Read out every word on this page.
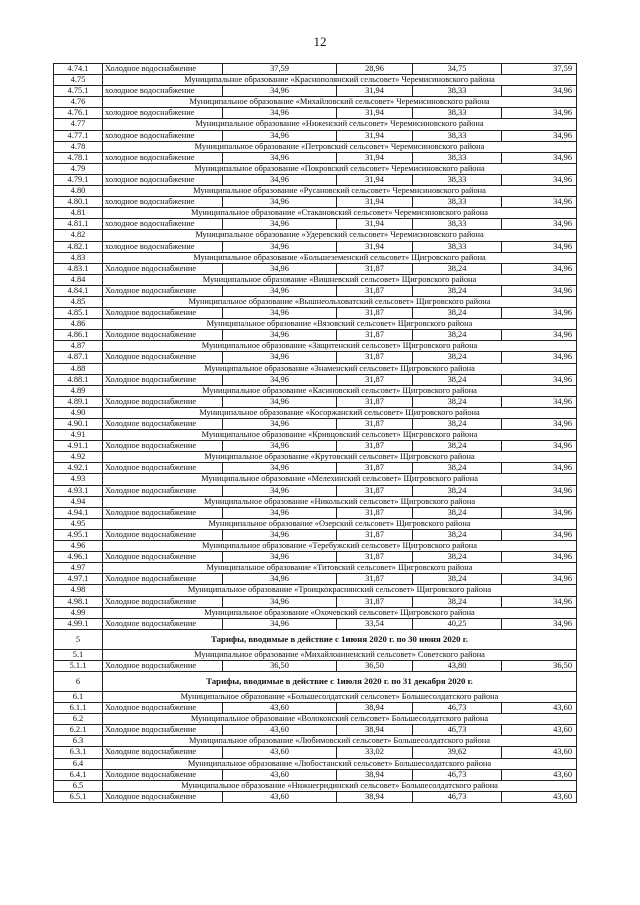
12
4.74.1	Холодное водоснабжение	37,59	28,96	34,75	37,59
4.75	Муниципальное образование «Краснополянский сельсовет» Черемисиновского района				
4.75.1	холодное водоснабжение	34,96	31,94	38,33	34,96
4.76	Муниципальное образование «Михайловский сельсовет» Черемисиновского района				
4.76.1	холодное водоснабжение	34,96	31,94	38,33	34,96
4.77	Муниципальное образование «Ниженский сельсовет» Черемисиновского района				
4.77.1	холодное водоснабжение	34,96	31,94	38,33	34,96
4.78	Муниципальное образование «Петровский сельсовет» Черемисиновского района				
4.78.1	холодное водоснабжение	34,96	31,94	38,33	34,96
4.79	Муниципальное образование «Покровский сельсовет» Черемисиновского района				
4.79.1	холодное водоснабжение	34,96	31,94	38,33	34,96
4.80	Муниципальное образование «Русановский сельсовет» Черемисиновского района				
4.80.1	холодное водоснабжение	34,96	31,94	38,33	34,96
4.81	Муниципальное образование «Стакановский сельсовет» Черемисиновского района				
4.81.1	холодное водоснабжение	34,96	31,94	38,33	34,96
4.82	Муниципальное образование «Удеревский сельсовет» Черемисиновского района				
4.82.1	холодное водоснабжение	34,96	31,94	38,33	34,96
4.83	Муниципальное образование «Большеземенский сельсовет» Щигровского района				
4.83.1	Холодное водоснабжение	34,96	31,87	38,24	34,96
4.84	Муниципальное образование «Вишневский сельсовет» Щигровского района				
4.84.1	Холодное водоснабжение	34,96	31,87	38,24	34,96
4.85	Муниципальное образование «Вышнеольховатский сельсовет» Щигровского района				
4.85.1	Холодное водоснабжение	34,96	31,87	38,24	34,96
4.86	Муниципальное образование «Вязовский сельсовет» Щигровского района				
4.86.1	Холодное водоснабжение	34,96	31,87	38,24	34,96
4.87	Муниципальное образование «Защитенский сельсовет» Щигровского района				
4.87.1	Холодное водоснабжение	34,96	31,87	38,24	34,96
4.88	Муниципальное образование «Знаменский сельсовет» Щигровского района				
4.88.1	Холодное водоснабжение	34,96	31,87	38,24	34,96
4.89	Муниципальное образование «Касиновский сельсовет» Щигровского района				
4.89.1	Холодное водоснабжение	34,96	31,87	38,24	34,96
4.90	Муниципальное образование «Косоржанский сельсовет» Щигровского района				
4.90.1	Холодное водоснабжение	34,96	31,87	38,24	34,96
4.91	Муниципальное образование «Кривцовский сельсовет» Щигровского района				
4.91.1	Холодное водоснабжение	34,96	31,87	38,24	34,96
4.92	Муниципальное образование «Крутовский сельсовет» Щигровского района				
4.92.1	Холодное водоснабжение	34,96	31,87	38,24	34,96
4.93	Муниципальное образование «Мелехинский сельсовет» Щигровского района				
4.93.1	Холодное водоснабжение	34,96	31,87	38,24	34,96
4.94	Муниципальное образование «Никольский сельсовет» Щигровского района				
4.94.1	Холодное водоснабжение	34,96	31,87	38,24	34,96
4.95	Муниципальное образование «Озерский сельсовет» Щигровского района				
4.95.1	Холодное водоснабжение	34,96	31,87	38,24	34,96
4.96	Муниципальное образование «Теребужский сельсовет» Щигровского района				
4.96.1	Холодное водоснабжение	34,96	31,87	38,24	34,96
4.97	Муниципальное образование «Титовский сельсовет» Щигровского района				
4.97.1	Холодное водоснабжение	34,96	31,87	38,24	34,96
4.98	Муниципальное образование «Троицкокраснянский сельсовет» Щигровского района				
4.98.1	Холодное водоснабжение	34,96	31,87	38,24	34,96
4.99	Муниципальное образование «Охочевский сельсовет» Щигровского района				
4.99.1	Холодное водоснабжение	34,96	33,54	40,25	34,96
5	Тарифы, вводимые в действие с 1июня 2020 г. по 30 июня 2020 г.				
5.1	Муниципальное образование «Михайлоанненский сельсовет» Советского района				
5.1.1	Холодное водоснабжение	36,50	36,50	43,80	36,50
6	Тарифы, вводимые в действие с 1июля 2020 г. по 31 декабря 2020 г.				
6.1	Муниципальное образование «Большесолдатский сельсовет» Большесолдатского района				
6.1.1	Холодное водоснабжение	43,60	38,94	46,73	43,60
6.2	Муниципальное образование «Волоконский сельсовет» Большесолдатского района				
6.2.1	Холодное водоснабжение	43,60	38,94	46,73	43,60
6.3	Муниципальное образование «Любимовский сельсовет» Большесолдатского района				
6.3.1	Холодное водоснабжение	43,60	33,02	39,62	43,60
6.4	Муниципальное образование «Любостанский сельсовет» Большесолдатского района				
6.4.1	Холодное водоснабжение	43,60	38,94	46,73	43,60
6.5	Муниципальное образование «Нижнегридинский сельсовет» Большесолдатского района				
6.5.1	Холодное водоснабжение	43,60	38,94	46,73	43,60
